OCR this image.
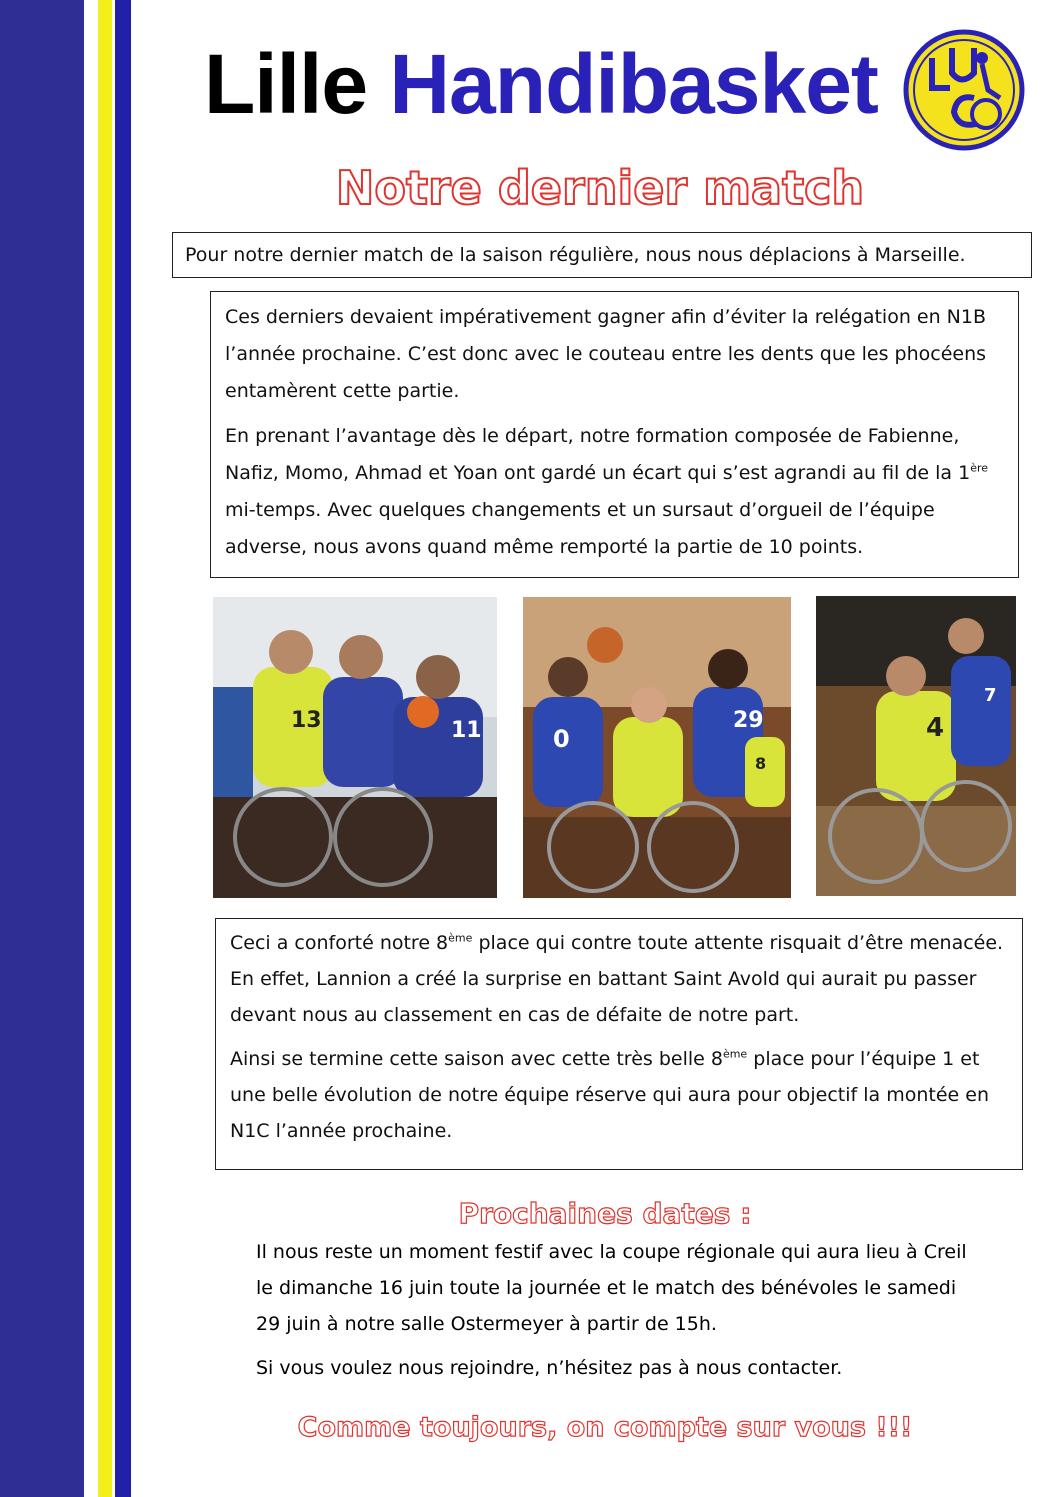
Lille Handibasket
Notre dernier match
Pour notre dernier match de la saison régulière, nous nous déplacions à Marseille.

Ces derniers devaient impérativement gagner afin d’éviter la relégation en N1B l’année prochaine. C’est donc avec le couteau entre les dents que les phocéens entamèrent cette partie.

En prenant l’avantage dès le départ, notre formation composée de Fabienne, Nafiz, Momo, Ahmad et Yoan ont gardé un écart qui s’est agrandi au fil de la 1ère mi-temps. Avec quelques changements et un sursaut d’orgueil de l’équipe adverse, nous avons quand même remporté la partie de 10 points.

13	11	0
29
8
4
7

Ceci a conforté notre 8ème place qui contre toute attente risquait d’être menacée. En effet, Lannion a créé la surprise en battant Saint Avold qui aurait pu passer devant nous au classement en cas de défaite de notre part.

Ainsi se termine cette saison avec cette très belle 8ème place pour l’équipe 1 et une belle évolution de notre équipe réserve qui aura pour objectif la montée en N1C l’année prochaine.

Prochaines dates :

Il nous reste un moment festif avec la coupe régionale qui aura lieu à Creil le dimanche 16 juin toute la journée et le match des bénévoles le samedi 29 juin à notre salle Ostermeyer à partir de 15h.

Si vous voulez nous rejoindre, n’hésitez pas à nous contacter.

Comme toujours, on compte sur vous !!!
